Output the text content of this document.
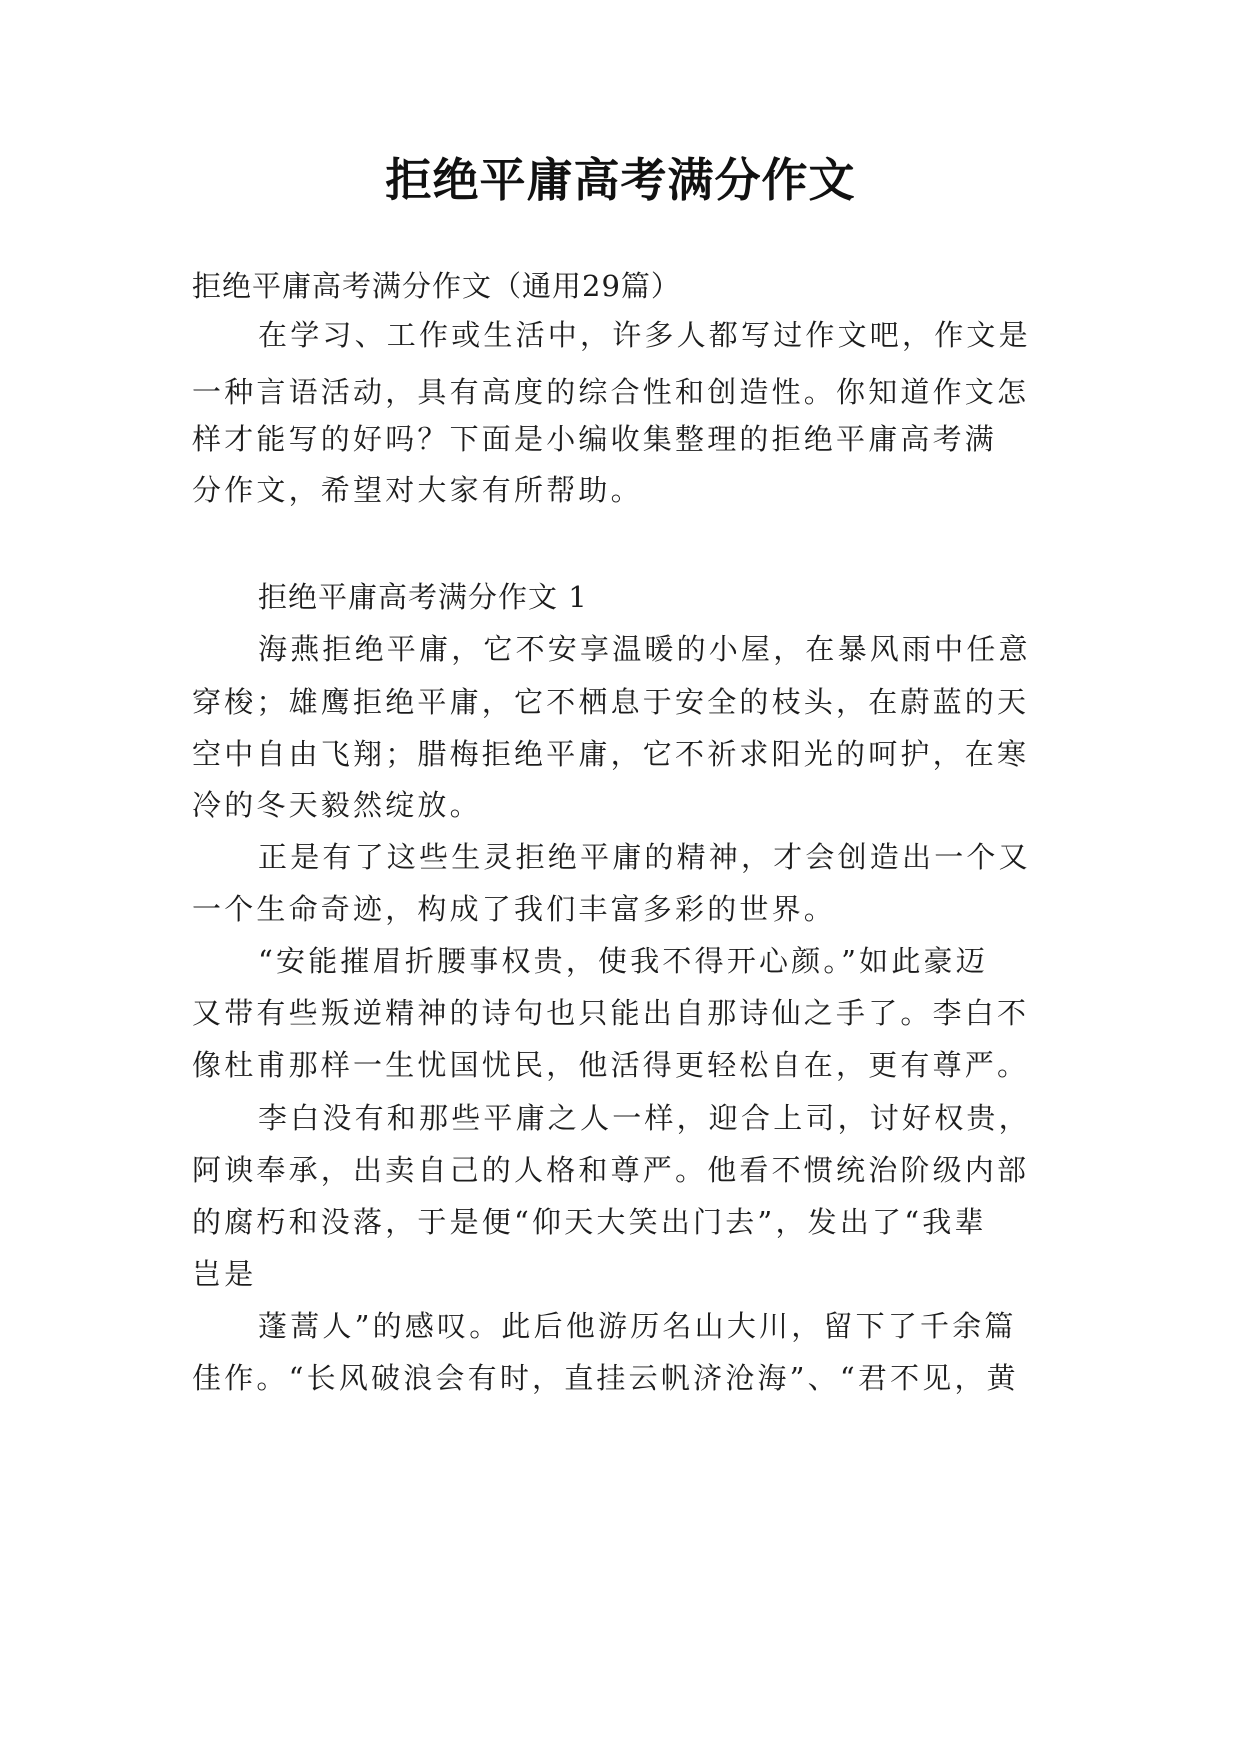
拒绝平庸高考满分作文
拒绝平庸高考满分作文（通用29篇）
在学习、工作或生活中，许多人都写过作文吧，作文是
一种言语活动，具有高度的综合性和创造性。你知道作文怎
样才能写的好吗？下面是小编收集整理的拒绝平庸高考满
分作文，希望对大家有所帮助。
拒绝平庸高考满分作文 1
海燕拒绝平庸，它不安享温暖的小屋，在暴风雨中任意
穿梭；雄鹰拒绝平庸，它不栖息于安全的枝头，在蔚蓝的天
空中自由飞翔；腊梅拒绝平庸，它不祈求阳光的呵护，在寒
冷的冬天毅然绽放。
正是有了这些生灵拒绝平庸的精神，才会创造出一个又
一个生命奇迹，构成了我们丰富多彩的世界。
“安能摧眉折腰事权贵，使我不得开心颜。”如此豪迈
又带有些叛逆精神的诗句也只能出自那诗仙之手了。李白不
像杜甫那样一生忧国忧民，他活得更轻松自在，更有尊严。
李白没有和那些平庸之人一样，迎合上司，讨好权贵，
阿谀奉承，出卖自己的人格和尊严。他看不惯统治阶级内部
的腐朽和没落，于是便“仰天大笑出门去”，发出了“我辈
岂是
蓬蒿人”的感叹。此后他游历名山大川，留下了千余篇
佳作。“长风破浪会有时，直挂云帆济沧海”、“君不见，黄
